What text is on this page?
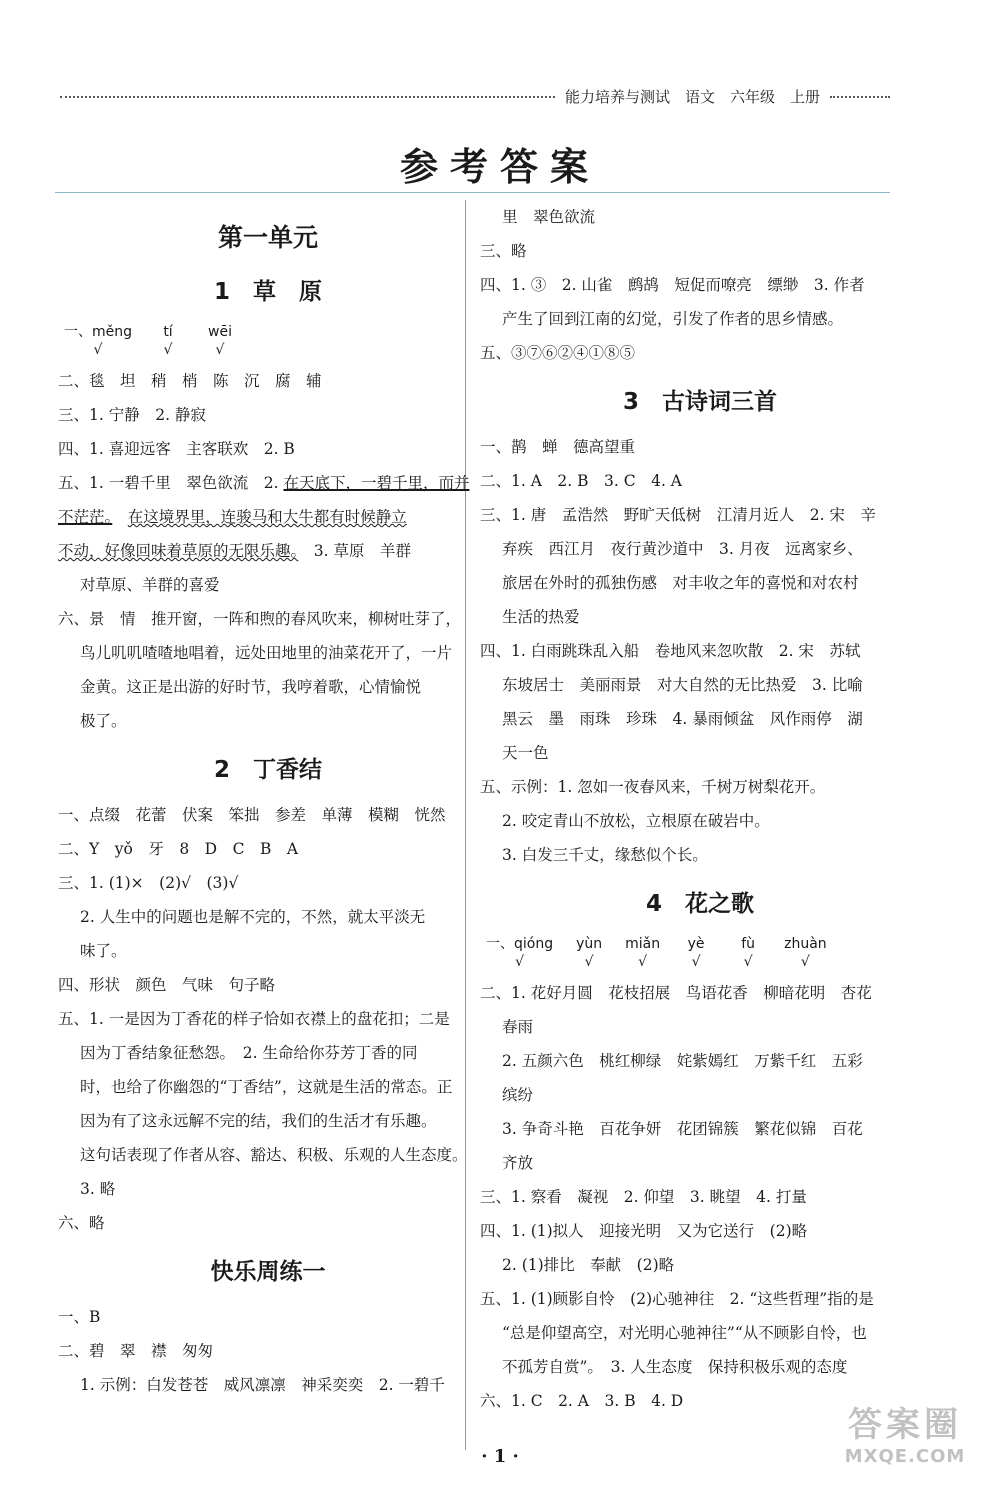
能力培养与测试　语文　六年级　上册
参考答案
第一单元
1　草　原
一、měng
√
tí
√
wēi
√
二、毯　坦　稍　梢　陈　沉　腐　辅
三、1. 宁静　2. 静寂
四、1. 喜迎远客　主客联欢　2. B
五、1. 一碧千里　翠色欲流　2. 在天底下，一碧千里，而并
不茫茫。　 在这境界里，连骏马和大牛都有时候静立
不动，好像回味着草原的无限乐趣。　 3. 草原　羊群
对草原、羊群的喜爱
六、景　情　推开窗，一阵和煦的春风吹来，柳树吐芽了，
鸟儿叽叽喳喳地唱着，远处田地里的油菜花开了，一片
金黄。这正是出游的好时节，我哼着歌，心情愉悦
极了。
2　丁香结
一、点缀　花蕾　伏案　笨拙　参差　单薄　模糊　恍然
二、Y　yǒ　牙　8　D　C　B　A
三、1. (1)×　(2)√　(3)√
2. 人生中的问题也是解不完的，不然，就太平淡无
味了。
四、形状　颜色　气味　句子略
五、1. 一是因为丁香花的样子恰如衣襟上的盘花扣；二是
因为丁香结象征愁怨。　2. 生命给你芬芳丁香的同
时，也给了你幽怨的“丁香结”，这就是生活的常态。正
因为有了这永远解不完的结，我们的生活才有乐趣。
这句话表现了作者从容、豁达、积极、乐观的人生态度。
3. 略
六、略
快乐周练一
一、B
二、碧　翠　襟　匆匆
1. 示例：白发苍苍　威风凛凛　神采奕奕　2. 一碧千
里　翠色欲流
三、略
四、1. ③　2. 山雀　鹧鸪　短促而嘹亮　缥缈　3. 作者
产生了回到江南的幻觉，引发了作者的思乡情感。
五、③⑦⑥②④①⑧⑤
3　古诗词三首
一、鹊　蝉　德高望重
二、1. A　2. B　3. C　4. A
三、1. 唐　孟浩然　野旷天低树　江清月近人　2. 宋　辛
弃疾　西江月　夜行黄沙道中　3. 月夜　远离家乡、
旅居在外时的孤独伤感　对丰收之年的喜悦和对农村
生活的热爱
四、1. 白雨跳珠乱入船　卷地风来忽吹散　2. 宋　苏轼
东坡居士　美丽雨景　对大自然的无比热爱　3. 比喻
黑云　墨　雨珠　珍珠　4. 暴雨倾盆　风作雨停　湖
天一色
五、示例：1. 忽如一夜春风来，千树万树梨花开。
2. 咬定青山不放松，立根原在破岩中。
3. 白发三千丈，缘愁似个长。
4　花之歌
一、qióng
√
yùn
√
miǎn
√
yè
√
fù
√
zhuàn
√
二、1. 花好月圆　花枝招展　鸟语花香　柳暗花明　杏花
春雨
2. 五颜六色　桃红柳绿　姹紫嫣红　万紫千红　五彩
缤纷
3. 争奇斗艳　百花争妍　花团锦簇　繁花似锦　百花
齐放
三、1. 察看　凝视　2. 仰望　3. 眺望　4. 打量
四、1. (1)拟人　迎接光明　又为它送行　(2)略
2. (1)排比　奉献　(2)略
五、1. (1)顾影自怜　(2)心驰神往　2. “这些哲理”指的是
“总是仰望高空，对光明心驰神往”“从不顾影自怜，也
不孤芳自赏”。　3. 人生态度　保持积极乐观的态度
六、1. C　2. A　3. B　4. D
· 1 ·
答案圈
MXQE.COM
